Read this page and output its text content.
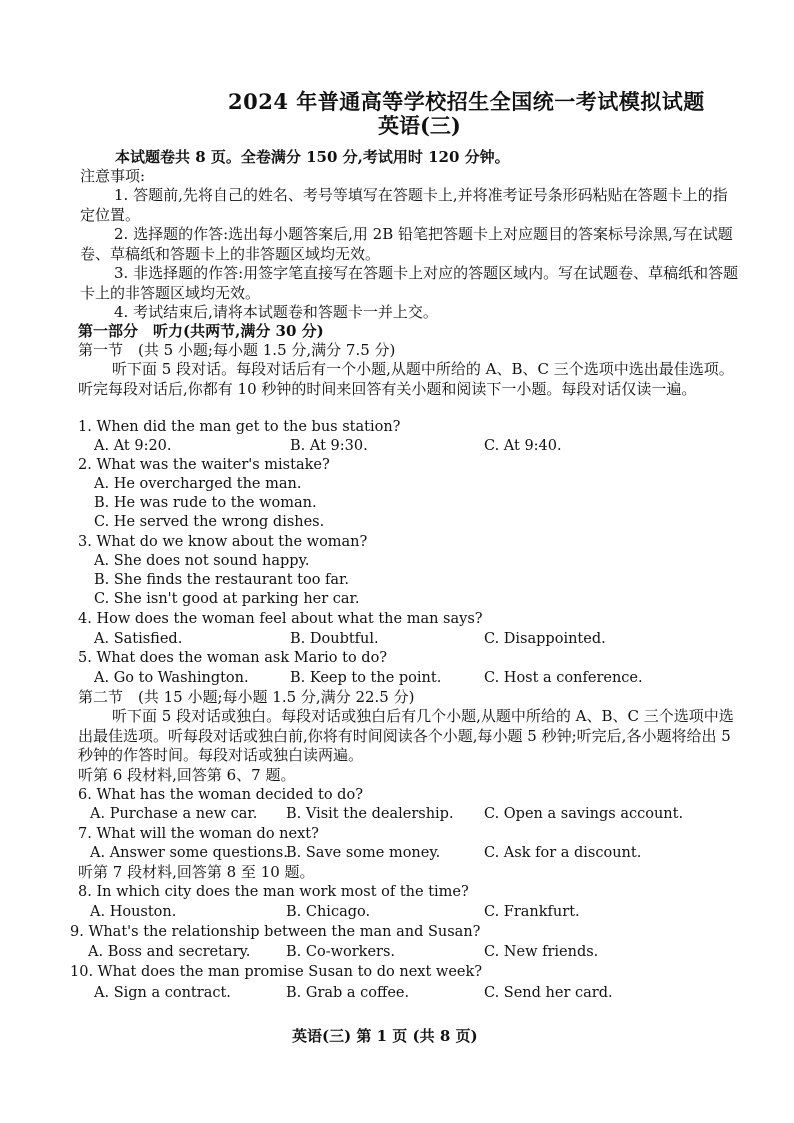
2024 年普通高等学校招生全国统一考试模拟试题
英语(三)
本试题卷共 8 页。全卷满分 150 分,考试用时 120 分钟。
注意事项:
1. 答题前,先将自己的姓名、考号等填写在答题卡上,并将准考证号条形码粘贴在答题卡上的指定位置。
2. 选择题的作答:选出每小题答案后,用 2B 铅笔把答题卡上对应题目的答案标号涂黑,写在试题卷、草稿纸和答题卡上的非答题区域均无效。
3. 非选择题的作答:用签字笔直接写在答题卡上对应的答题区域内。写在试题卷、草稿纸和答题卡上的非答题区域均无效。
4. 考试结束后,请将本试题卷和答题卡一并上交。
第一部分　听力(共两节,满分 30 分)
第一节　(共 5 小题;每小题 1.5 分,满分 7.5 分)
听下面 5 段对话。每段对话后有一个小题,从题中所给的 A、B、C 三个选项中选出最佳选项。听完每段对话后,你都有 10 秒钟的时间来回答有关小题和阅读下一小题。每段对话仅读一遍。
1. When did the man get to the bus station?
A. At 9:20.	B. At 9:30.	C. At 9:40.
2. What was the waiter's mistake?
A. He overcharged the man.
B. He was rude to the woman.
C. He served the wrong dishes.
3. What do we know about the woman?
A. She does not sound happy.
B. She finds the restaurant too far.
C. She isn't good at parking her car.
4. How does the woman feel about what the man says?
A. Satisfied.	B. Doubtful.	C. Disappointed.
5. What does the woman ask Mario to do?
A. Go to Washington.	B. Keep to the point.	C. Host a conference.
第二节　(共 15 小题;每小题 1.5 分,满分 22.5 分)
听下面 5 段对话或独白。每段对话或独白后有几个小题,从题中所给的 A、B、C 三个选项中选出最佳选项。听每段对话或独白前,你将有时间阅读各个小题,每小题 5 秒钟;听完后,各小题将给出 5 秒钟的作答时间。每段对话或独白读两遍。
听第 6 段材料,回答第 6、7 题。
6. What has the woman decided to do?
A. Purchase a new car. B. Visit the dealership. C. Open a savings account.
7. What will the woman do next?
A. Answer some questions.
B. Save some money.	C. Ask for a discount.
听第 7 段材料,回答第 8 至 10 题。
8. In which city does the man work most of the time?
A. Houston.	B. Chicago.	C. Frankfurt.
9. What's the relationship between the man and Susan?
A. Boss and secretary. B. Co-workers.	C. New friends.
10. What does the man promise Susan to do next week?
A. Sign a contract.	B. Grab a coffee.	C. Send her card.
英语(三) 第 1 页 (共 8 页)
